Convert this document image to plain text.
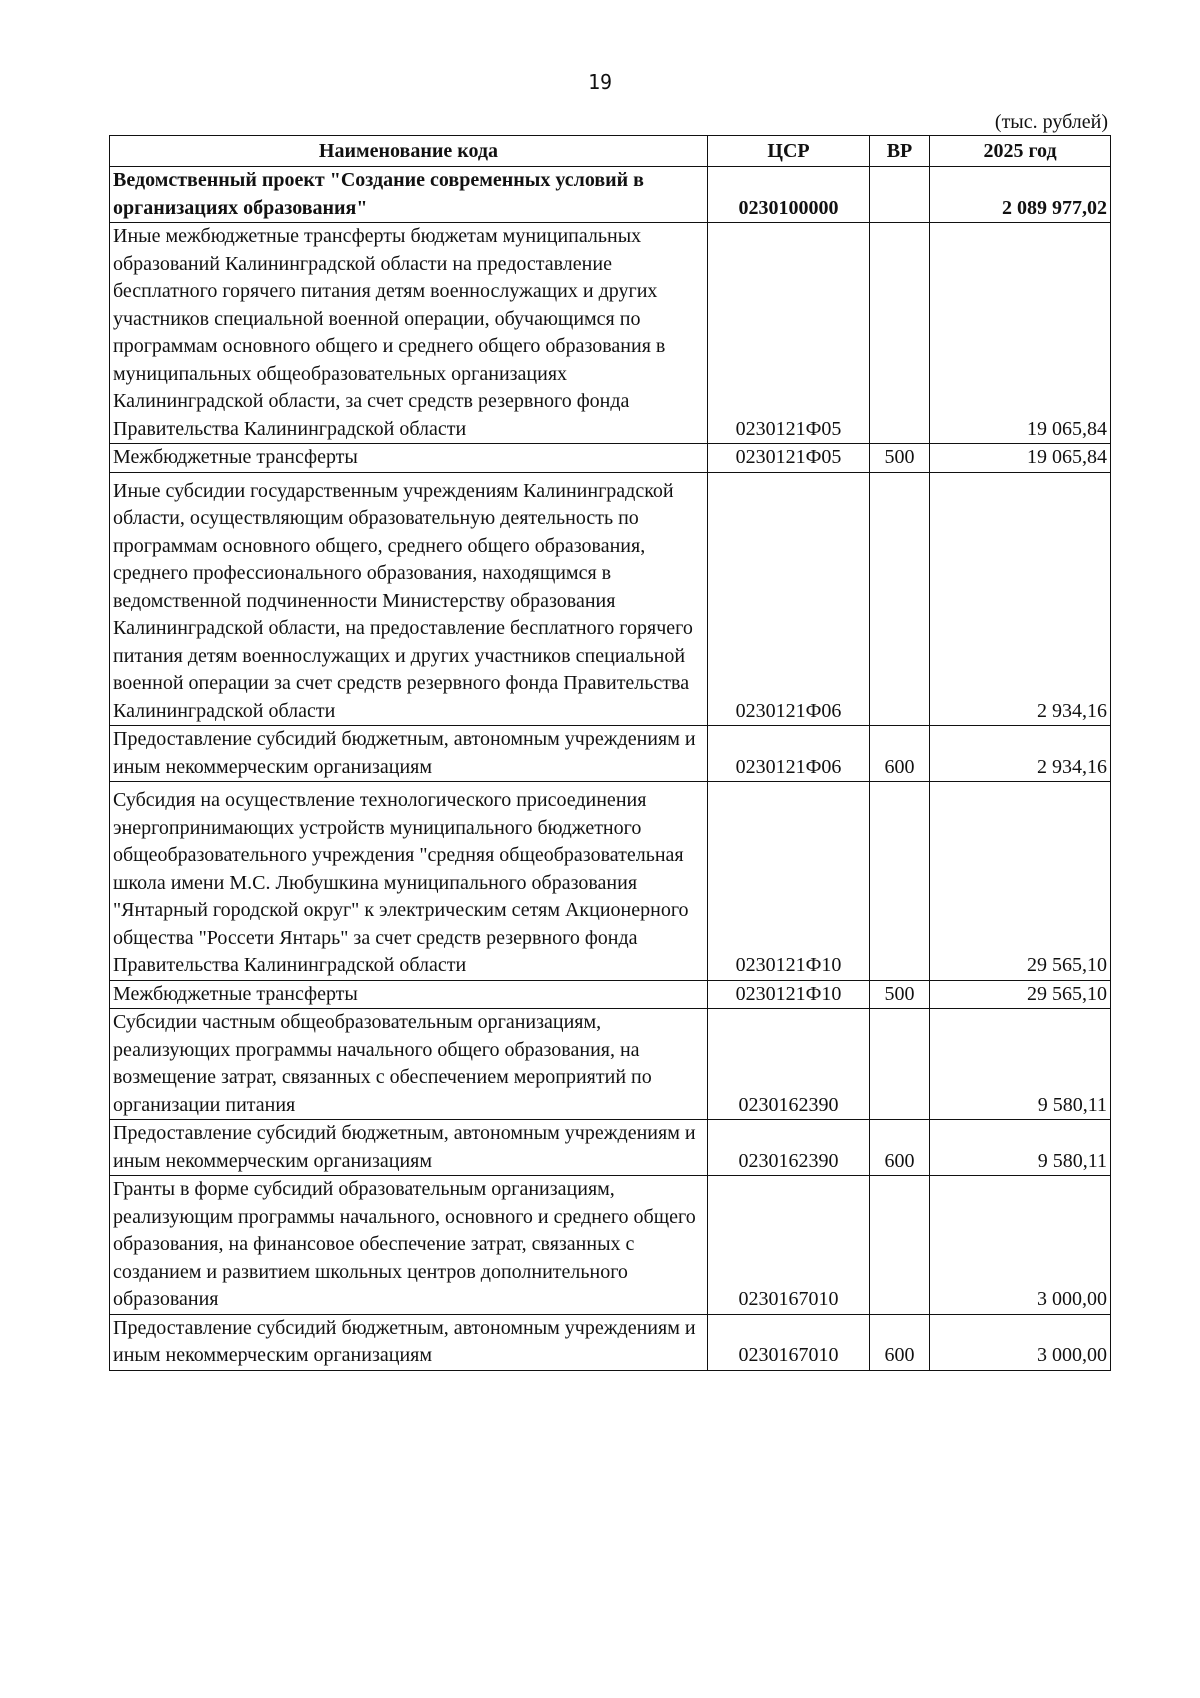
19
(тыс. рублей)
Наименование кода	ЦСР	ВР	2025 год
Ведомственный проект "Создание современных условий в организациях образования"	0230100000		2 089 977,02
Иные межбюджетные трансферты бюджетам муниципальных образований Калининградской области на предоставление бесплатного горячего питания детям военнослужащих и других участников специальной военной операции, обучающимся по программам основного общего и среднего общего образования в муниципальных общеобразовательных организациях Калининградской области, за счет средств резервного фонда Правительства Калининградской области	0230121Ф05		19 065,84
Межбюджетные трансферты	0230121Ф05	500	19 065,84
Иные субсидии государственным учреждениям Калининградской области, осуществляющим образовательную деятельность по программам основного общего, среднего общего образования, среднего профессионального образования, находящимся в ведомственной подчиненности Министерству образования Калининградской области, на предоставление бесплатного горячего питания детям военнослужащих и других участников специальной военной операции за счет средств резервного фонда Правительства Калининградской области	0230121Ф06		2 934,16
Предоставление субсидий бюджетным, автономным учреждениям и иным некоммерческим организациям	0230121Ф06	600	2 934,16
Субсидия на осуществление технологического присоединения энергопринимающих устройств муниципального бюджетного общеобразовательного учреждения "средняя общеобразовательная школа имени М.С. Любушкина муниципального образования "Янтарный городской округ" к электрическим сетям Акционерного общества "Россети Янтарь" за счет средств резервного фонда Правительства Калининградской области	0230121Ф10		29 565,10
Межбюджетные трансферты	0230121Ф10	500	29 565,10
Субсидии частным общеобразовательным организациям, реализующих программы начального общего образования, на возмещение затрат, связанных с обеспечением мероприятий по организации питания	0230162390		9 580,11
Предоставление субсидий бюджетным, автономным учреждениям и иным некоммерческим организациям	0230162390	600	9 580,11
Гранты в форме субсидий образовательным организациям, реализующим программы начального, основного и среднего общего образования, на финансовое обеспечение затрат, связанных с созданием и развитием школьных центров дополнительного образования	0230167010		3 000,00
Предоставление субсидий бюджетным, автономным учреждениям и иным некоммерческим организациям	0230167010	600	3 000,00
